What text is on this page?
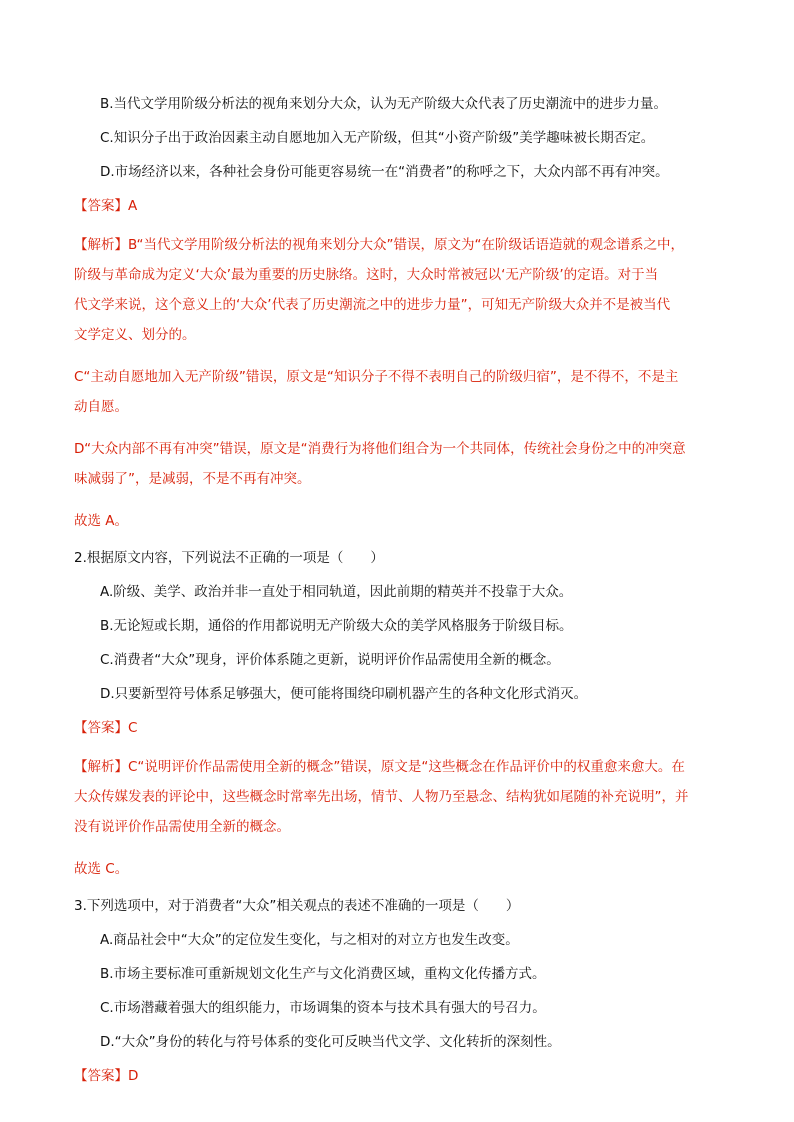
B.当代文学用阶级分析法的视角来划分大众，认为无产阶级大众代表了历史潮流中的进步力量。

C.知识分子出于政治因素主动自愿地加入无产阶级，但其“小资产阶级”美学趣味被长期否定。

D.市场经济以来，各种社会身份可能更容易统一在“消费者”的称呼之下，大众内部不再有冲突。

【答案】A

【解析】B“当代文学用阶级分析法的视角来划分大众”错误，原文为“在阶级话语造就的观念谱系之中，

阶级与革命成为定义‘大众’最为重要的历史脉络。这时，大众时常被冠以‘无产阶级’的定语。对于当

代文学来说，这个意义上的‘大众’代表了历史潮流之中的进步力量”，可知无产阶级大众并不是被当代

文学定义、划分的。

C“主动自愿地加入无产阶级”错误，原文是“知识分子不得不表明自己的阶级归宿”，是不得不，不是主

动自愿。

D“大众内部不再有冲突”错误，原文是“消费行为将他们组合为一个共同体，传统社会身份之中的冲突意

味减弱了”，是减弱，不是不再有冲突。

故选 A。

2.根据原文内容，下列说法不正确的一项是（　　）

A.阶级、美学、政治并非一直处于相同轨道，因此前期的精英并不投靠于大众。

B.无论短或长期，通俗的作用都说明无产阶级大众的美学风格服务于阶级目标。

C.消费者“大众”现身，评价体系随之更新，说明评价作品需使用全新的概念。

D.只要新型符号体系足够强大，便可能将围绕印刷机器产生的各种文化形式消灭。

【答案】C

【解析】C“说明评价作品需使用全新的概念”错误，原文是“这些概念在作品评价中的权重愈来愈大。在

大众传媒发表的评论中，这些概念时常率先出场，情节、人物乃至悬念、结构犹如尾随的补充说明”，并

没有说评价作品需使用全新的概念。

故选 C。

3.下列选项中，对于消费者“大众”相关观点的表述不准确的一项是（　　）

A.商品社会中“大众”的定位发生变化，与之相对的对立方也发生改变。

B.市场主要标准可重新规划文化生产与文化消费区域，重构文化传播方式。

C.市场潜藏着强大的组织能力，市场调集的资本与技术具有强大的号召力。

D.“大众”身份的转化与符号体系的变化可反映当代文学、文化转折的深刻性。

【答案】D
